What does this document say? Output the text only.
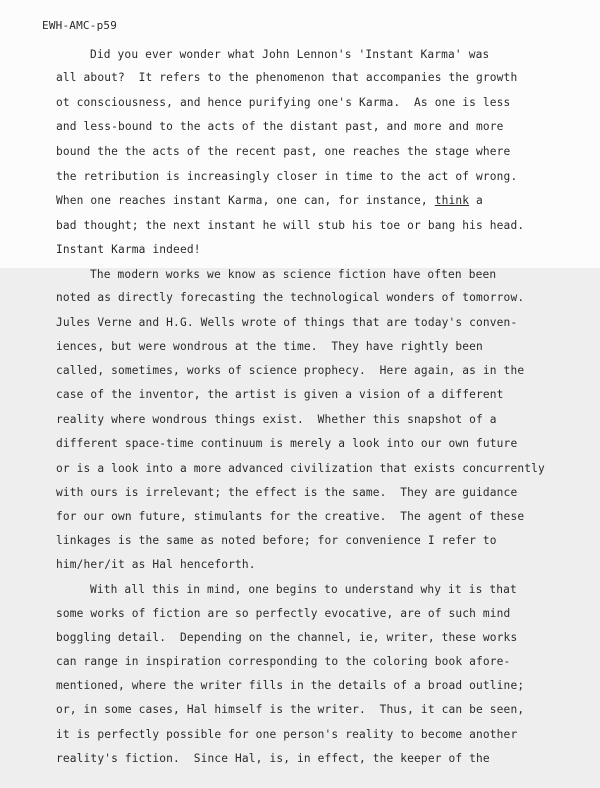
EWH-AMC-p59
Did you ever wonder what John Lennon's 'Instant Karma' was
all about?  It refers to the phenomenon that accompanies the growth
ot consciousness, and hence purifying one's Karma.  As one is less
and less-bound to the acts of the distant past, and more and more
bound the the acts of the recent past, one reaches the stage where
the retribution is increasingly closer in time to the act of wrong.
When one reaches instant Karma, one can, for instance, think a
bad thought; the next instant he will stub his toe or bang his head.
Instant Karma indeed!
The modern works we know as science fiction have often been
noted as directly forecasting the technological wonders of tomorrow.
Jules Verne and H.G. Wells wrote of things that are today's conven-
iences, but were wondrous at the time.  They have rightly been
called, sometimes, works of science prophecy.  Here again, as in the
case of the inventor, the artist is given a vision of a different
reality where wondrous things exist.  Whether this snapshot of a
different space-time continuum is merely a look into our own future
or is a look into a more advanced civilization that exists concurrently
with ours is irrelevant; the effect is the same.  They are guidance
for our own future, stimulants for the creative.  The agent of these
linkages is the same as noted before; for convenience I refer to
him/her/it as Hal henceforth.
With all this in mind, one begins to understand why it is that
some works of fiction are so perfectly evocative, are of such mind
boggling detail.  Depending on the channel, ie, writer, these works
can range in inspiration corresponding to the coloring book afore-
mentioned, where the writer fills in the details of a broad outline;
or, in some cases, Hal himself is the writer.  Thus, it can be seen,
it is perfectly possible for one person's reality to become another
reality's fiction.  Since Hal, is, in effect, the keeper of the
